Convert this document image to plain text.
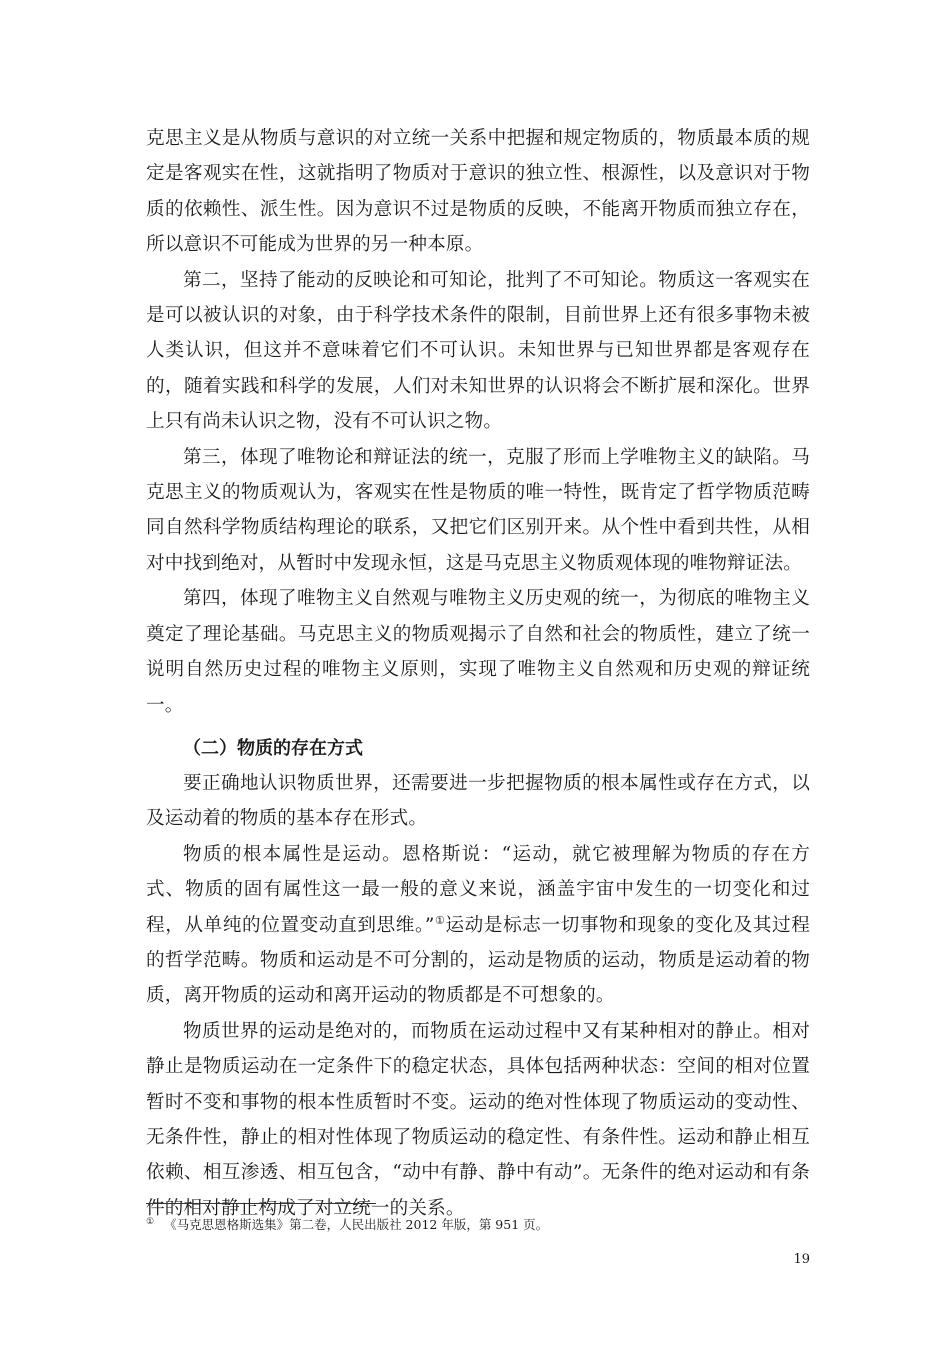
克思主义是从物质与意识的对立统一关系中把握和规定物质的，物质最本质的规定是客观实在性，这就指明了物质对于意识的独立性、根源性，以及意识对于物质的依赖性、派生性。因为意识不过是物质的反映，不能离开物质而独立存在，所以意识不可能成为世界的另一种本原。

第二，坚持了能动的反映论和可知论，批判了不可知论。物质这一客观实在是可以被认识的对象，由于科学技术条件的限制，目前世界上还有很多事物未被人类认识，但这并不意味着它们不可认识。未知世界与已知世界都是客观存在的，随着实践和科学的发展，人们对未知世界的认识将会不断扩展和深化。世界上只有尚未认识之物，没有不可认识之物。

第三，体现了唯物论和辩证法的统一，克服了形而上学唯物主义的缺陷。马克思主义的物质观认为，客观实在性是物质的唯一特性，既肯定了哲学物质范畴同自然科学物质结构理论的联系，又把它们区别开来。从个性中看到共性，从相对中找到绝对，从暂时中发现永恒，这是马克思主义物质观体现的唯物辩证法。

第四，体现了唯物主义自然观与唯物主义历史观的统一，为彻底的唯物主义奠定了理论基础。马克思主义的物质观揭示了自然和社会的物质性，建立了统一说明自然历史过程的唯物主义原则，实现了唯物主义自然观和历史观的辩证统一。

（二）物质的存在方式

要正确地认识物质世界，还需要进一步把握物质的根本属性或存在方式，以及运动着的物质的基本存在形式。

物质的根本属性是运动。恩格斯说：“运动，就它被理解为物质的存在方式、物质的固有属性这一最一般的意义来说，涵盖宇宙中发生的一切变化和过程，从单纯的位置变动直到思维。”①运动是标志一切事物和现象的变化及其过程的哲学范畴。物质和运动是不可分割的，运动是物质的运动，物质是运动着的物质，离开物质的运动和离开运动的物质都是不可想象的。

物质世界的运动是绝对的，而物质在运动过程中又有某种相对的静止。相对静止是物质运动在一定条件下的稳定状态，具体包括两种状态：空间的相对位置暂时不变和事物的根本性质暂时不变。运动的绝对性体现了物质运动的变动性、无条件性，静止的相对性体现了物质运动的稳定性、有条件性。运动和静止相互依赖、相互渗透、相互包含，“动中有静、静中有动”。无条件的绝对运动和有条件的相对静止构成了对立统一的关系。

① 《马克思恩格斯选集》第二卷，人民出版社 2012 年版，第 951 页。
19
